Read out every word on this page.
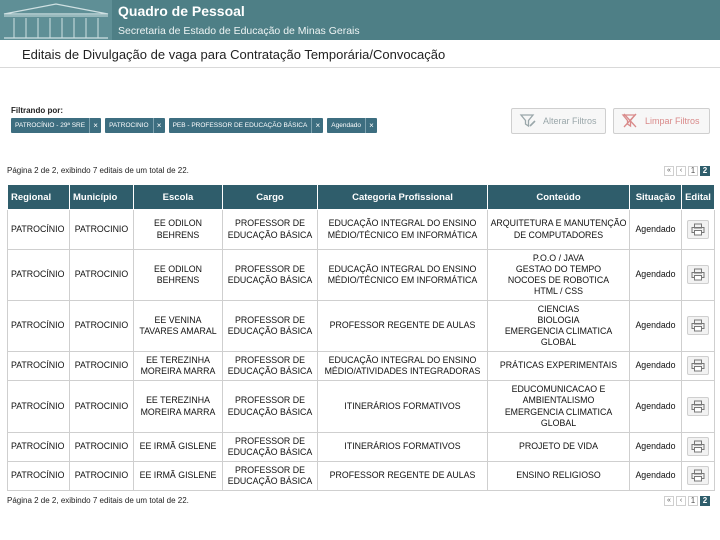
Quadro de Pessoal
Secretaria de Estado de Educação de Minas Gerais
Editais de Divulgação de vaga para Contratação Temporária/Convocação
Filtrando por:
PATROCÍNIO - 29ª SRE	×	PATROCINIO	×	PEB - PROFESSOR DE EDUCAÇÃO BÁSICA	×	Agendado	×	Alterar Filtros	Limpar Filtros
Página 2 de 2, exibindo 7 editais de um total de 22.	«	‹	1 2
Regional	Município	Escola	Cargo	Categoria Profissional	Conteúdo	Situação	Edital
PATROCÍNIO	PATROCINIO	EE ODILON BEHRENS	PROFESSOR DE EDUCAÇÃO BÁSICA	EDUCAÇÃO INTEGRAL DO ENSINO MÉDIO/TÉCNICO EM INFORMÁTICA	ARQUITETURA E MANUTENÇÃO DE COMPUTADORES	Agendado	

PATROCÍNIO	PATROCINIO	EE ODILON BEHRENS	PROFESSOR DE EDUCAÇÃO BÁSICA	EDUCAÇÃO INTEGRAL DO ENSINO MÉDIO/TÉCNICO EM INFORMÁTICA	P.O.O / JAVA
GESTAO DO TEMPO
NOCOES DE ROBOTICA
HTML / CSS	Agendado	

PATROCÍNIO	PATROCINIO	EE VENINA TAVARES AMARAL	PROFESSOR DE EDUCAÇÃO BÁSICA	PROFESSOR REGENTE DE AULAS	CIENCIAS
BIOLOGIA
EMERGENCIA CLIMATICA GLOBAL	Agendado	

PATROCÍNIO	PATROCINIO	EE TEREZINHA MOREIRA MARRA	PROFESSOR DE EDUCAÇÃO BÁSICA	EDUCAÇÃO INTEGRAL DO ENSINO MÉDIO/ATIVIDADES INTEGRADORAS	PRÁTICAS EXPERIMENTAIS	Agendado	

PATROCÍNIO	PATROCINIO	EE TEREZINHA MOREIRA MARRA	PROFESSOR DE EDUCAÇÃO BÁSICA	ITINERÁRIOS FORMATIVOS	EDUCOMUNICACAO E AMBIENTALISMO
EMERGENCIA CLIMATICA GLOBAL	Agendado	

PATROCÍNIO	PATROCINIO	EE IRMÃ GISLENE	PROFESSOR DE EDUCAÇÃO BÁSICA	ITINERÁRIOS FORMATIVOS	PROJETO DE VIDA	Agendado	

PATROCÍNIO	PATROCINIO	EE IRMÃ GISLENE	PROFESSOR DE EDUCAÇÃO BÁSICA	PROFESSOR REGENTE DE AULAS	ENSINO RELIGIOSO	Agendado	
Página 2 de 2, exibindo 7 editais de um total de 22.	«	‹	1 2
